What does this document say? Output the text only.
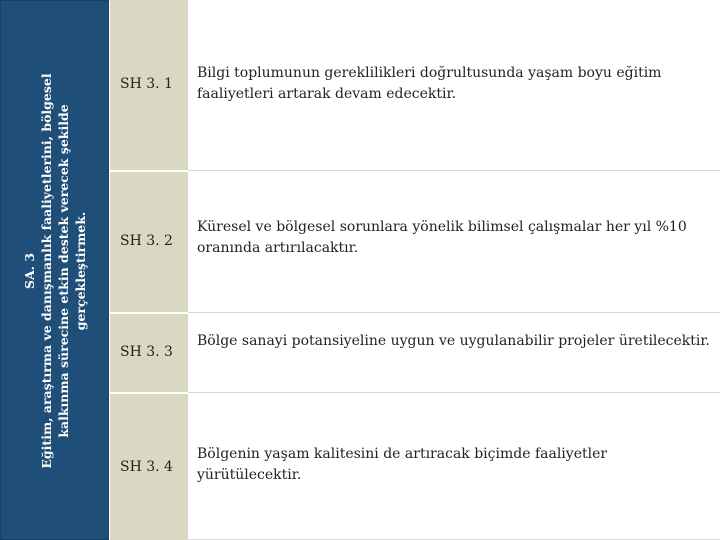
SA. 3 Eğitim, araştırma ve danışmanlık faaliyetlerini, bölgesel kalkınma sürecine etkin destek verecek şekilde gerçekleştirmek.
SH 3. 1
Bilgi toplumunun gereklilikleri doğrultusunda yaşam boyu eğitim faaliyetleri artarak devam edecektir.
SH 3. 2
Küresel ve bölgesel sorunlara yönelik bilimsel çalışmalar her yıl %10 oranında artırılacaktır.
SH 3. 3
Bölge sanayi potansiyeline uygun ve uygulanabilir projeler üretilecektir.
SH 3. 4
Bölgenin yaşam kalitesini de artıracak biçimde faaliyetler yürütülecektir.
